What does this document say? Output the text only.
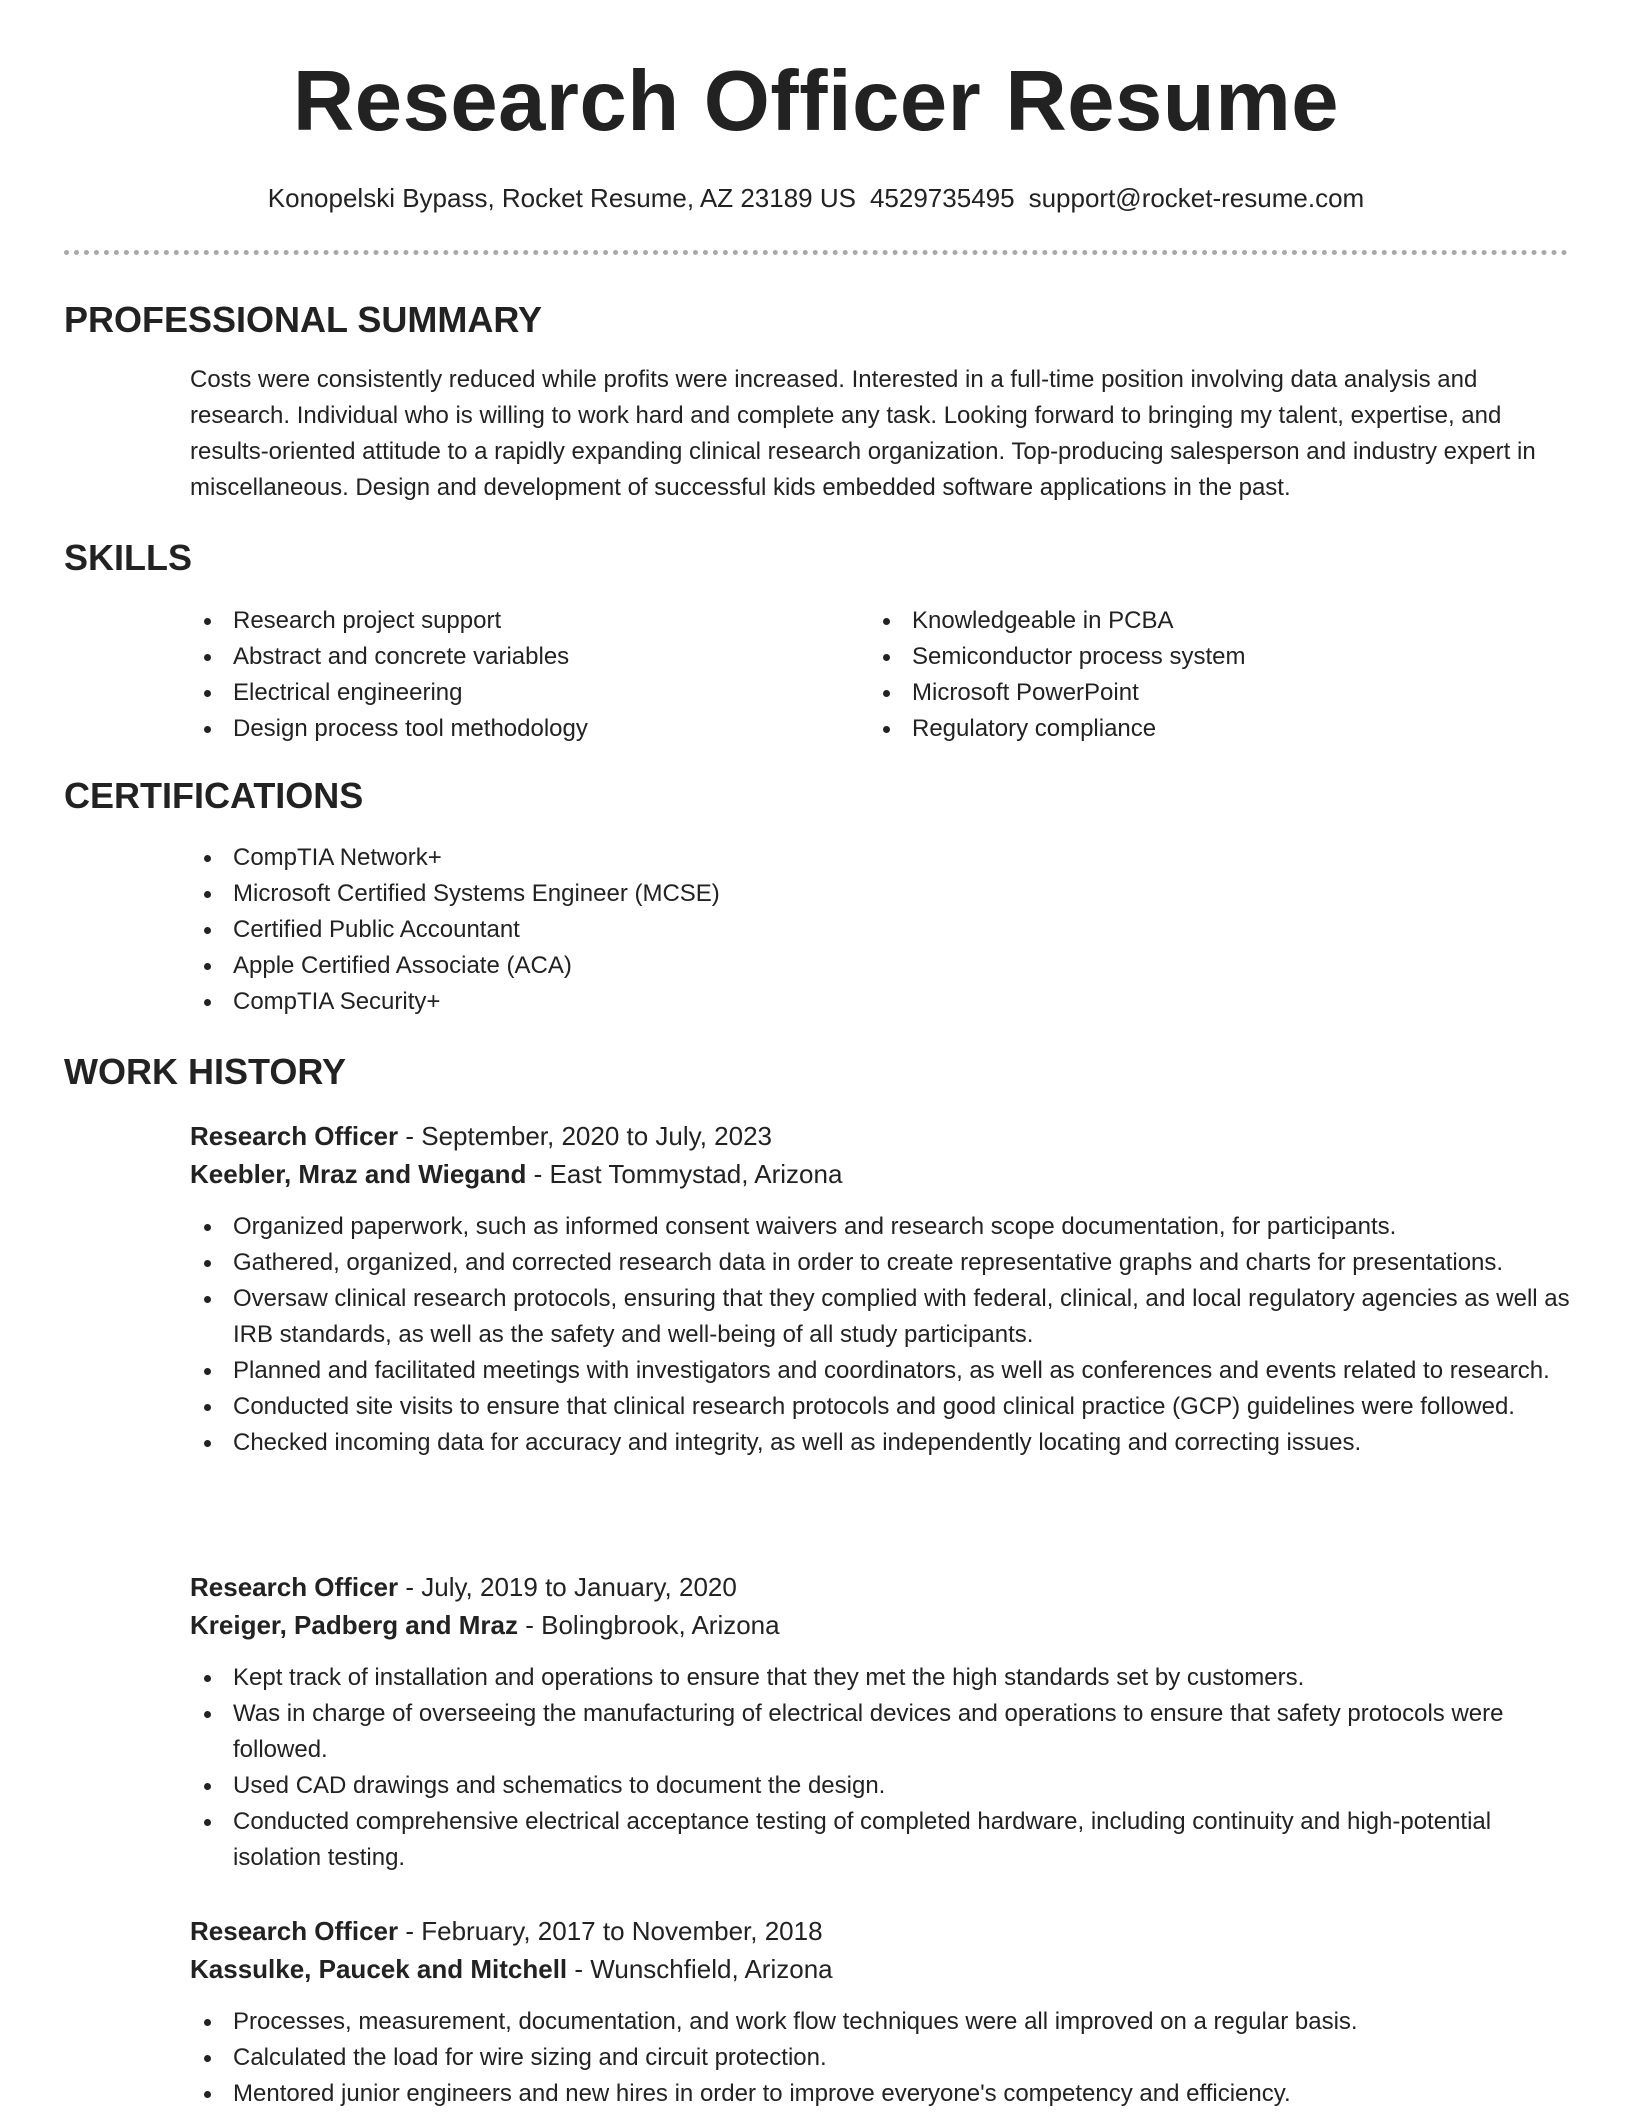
Research Officer Resume
Konopelski Bypass, Rocket Resume, AZ 23189 US 4529735495 support@rocket-resume.com
PROFESSIONAL SUMMARY

Costs were consistently reduced while profits were increased. Interested in a full-time position involving data analysis and research. Individual who is willing to work hard and complete any task. Looking forward to bringing my talent, expertise, and results-oriented attitude to a rapidly expanding clinical research organization. Top-producing salesperson and industry expert in miscellaneous. Design and development of successful kids embedded software applications in the past.

SKILLS
Research project support
Abstract and concrete variables
Electrical engineering
Design process tool methodology
Knowledgeable in PCBA
Semiconductor process system
Microsoft PowerPoint
Regulatory compliance
CERTIFICATIONS
CompTIA Network+
Microsoft Certified Systems Engineer (MCSE)
Certified Public Accountant
Apple Certified Associate (ACA)
CompTIA Security+
WORK HISTORY

Research Officer - September, 2020 to July, 2023

Keebler, Mraz and Wiegand - East Tommystad, Arizona

Organized paperwork, such as informed consent waivers and research scope documentation, for participants.
Gathered, organized, and corrected research data in order to create representative graphs and charts for presentations.
Oversaw clinical research protocols, ensuring that they complied with federal, clinical, and local regulatory agencies as well as IRB standards, as well as the safety and well-being of all study participants.
Planned and facilitated meetings with investigators and coordinators, as well as conferences and events related to research.
Conducted site visits to ensure that clinical research protocols and good clinical practice (GCP) guidelines were followed.
Checked incoming data for accuracy and integrity, as well as independently locating and correcting issues.

Research Officer - July, 2019 to January, 2020

Kreiger, Padberg and Mraz - Bolingbrook, Arizona

Kept track of installation and operations to ensure that they met the high standards set by customers.
Was in charge of overseeing the manufacturing of electrical devices and operations to ensure that safety protocols were followed.
Used CAD drawings and schematics to document the design.
Conducted comprehensive electrical acceptance testing of completed hardware, including continuity and high-potential isolation testing.

Research Officer - February, 2017 to November, 2018

Kassulke, Paucek and Mitchell - Wunschfield, Arizona

Processes, measurement, documentation, and work flow techniques were all improved on a regular basis.
Calculated the load for wire sizing and circuit protection.
Mentored junior engineers and new hires in order to improve everyone's competency and efficiency.
